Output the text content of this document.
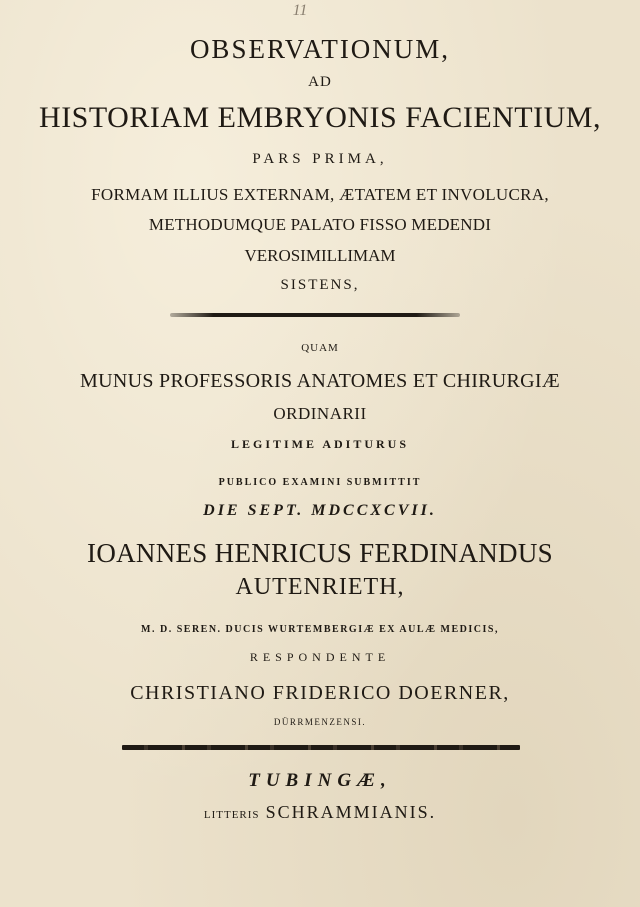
11
OBSERVATIONUM,
AD
HISTORIAM EMBRYONIS FACIENTIUM,
PARS PRIMA,
FORMAM ILLIUS EXTERNAM, ÆTATEM ET INVOLUCRA,
METHODUMQUE PALATO FISSO MEDENDI
VEROSIMILLIMAM
SISTENS,
QUAM
MUNUS PROFESSORIS ANATOMES ET CHIRURGIÆ
ORDINARII
LEGITIME ADITURUS
PUBLICO EXAMINI SUBMITTIT
DIE SEPT. MDCCXCVII.
IOANNES HENRICUS FERDINANDUS
AUTENRIETH,
M. D. SEREN. DUCIS WURTEMBERGIÆ EX AULÆ MEDICIS,
RESPONDENTE
CHRISTIANO FRIDERICO DOERNER,
DÜRRMENZENSI.
TUBINGÆ,
LITTERIS SCHRAMMIANIS.
